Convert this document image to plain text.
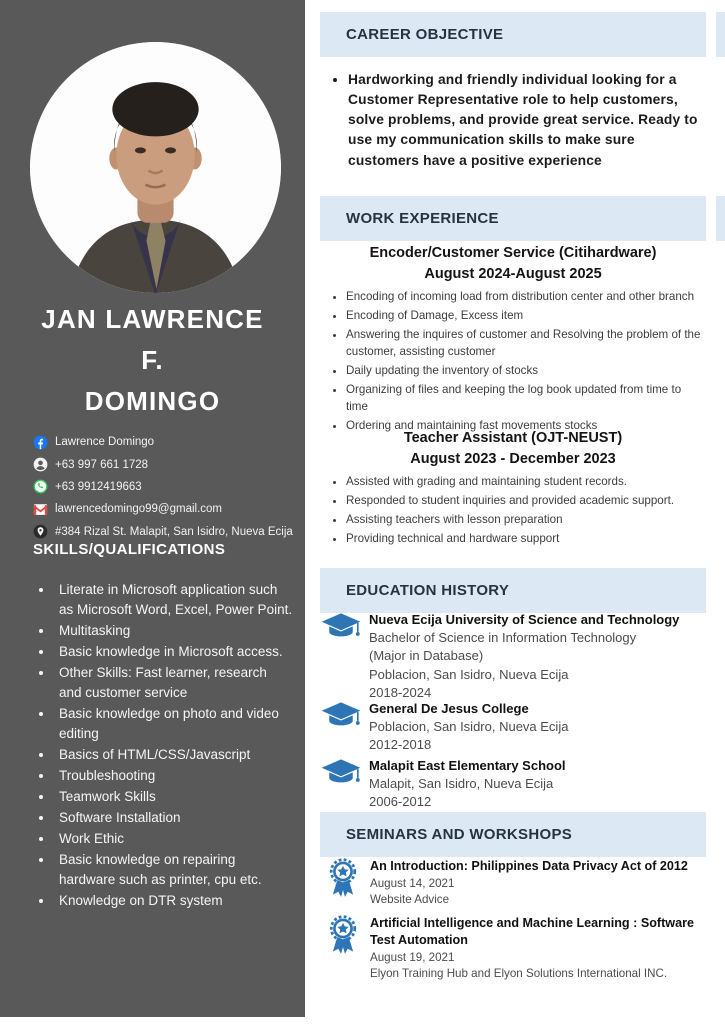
JAN LAWRENCE
F.
DOMINGO
Lawrence Domingo
+63 997 661 1728
+63 9912419663
lawrencedomingo99@gmail.com
#384 Rizal St. Malapit, San Isidro, Nueva Ecija
SKILLS/QUALIFICATIONS
• Literate in Microsoft application such as Microsoft Word, Excel, Power Point.
• Multitasking
• Basic knowledge in Microsoft access.
• Other Skills: Fast learner, research and customer service
• Basic knowledge on photo and video editing
• Basics of HTML/CSS/Javascript
• Troubleshooting
• Teamwork Skills
• Software Installation
• Work Ethic
• Basic knowledge on repairing hardware such as printer, cpu etc.
• Knowledge on DTR system
CAREER OBJECTIVE
• Hardworking and friendly individual looking for a Customer Representative role to help customers, solve problems, and provide great service. Ready to use my communication skills to make sure customers have a positive experience
WORK EXPERIENCE
Encoder/Customer Service (Citihardware)
August 2024-August 2025
• Encoding of incoming load from distribution center and other branch
• Encoding of Damage, Excess item
• Answering the inquires of customer and Resolving the problem of the customer, assisting customer
• Daily updating the inventory of stocks
• Organizing of files and keeping the log book updated from time to time
• Ordering and maintaining fast movements stocks
Teacher Assistant (OJT-NEUST)
August 2023 - December 2023
• Assisted with grading and maintaining student records.
• Responded to student inquiries and provided academic support.
• Assisting teachers with lesson preparation
• Providing technical and hardware support
EDUCATION HISTORY
Nueva Ecija University of Science and Technology
Bachelor of Science in Information Technology
(Major in Database)
Poblacion, San Isidro, Nueva Ecija
2018-2024
General De Jesus College
Poblacion, San Isidro, Nueva Ecija
2012-2018
Malapit East Elementary School
Malapit, San Isidro, Nueva Ecija
2006-2012
SEMINARS AND WORKSHOPS
An Introduction: Philippines Data Privacy Act of 2012
August 14, 2021
Website Advice
Artificial Intelligence and Machine Learning : Software Test Automation
August 19, 2021
Elyon Training Hub and Elyon Solutions International INC.
